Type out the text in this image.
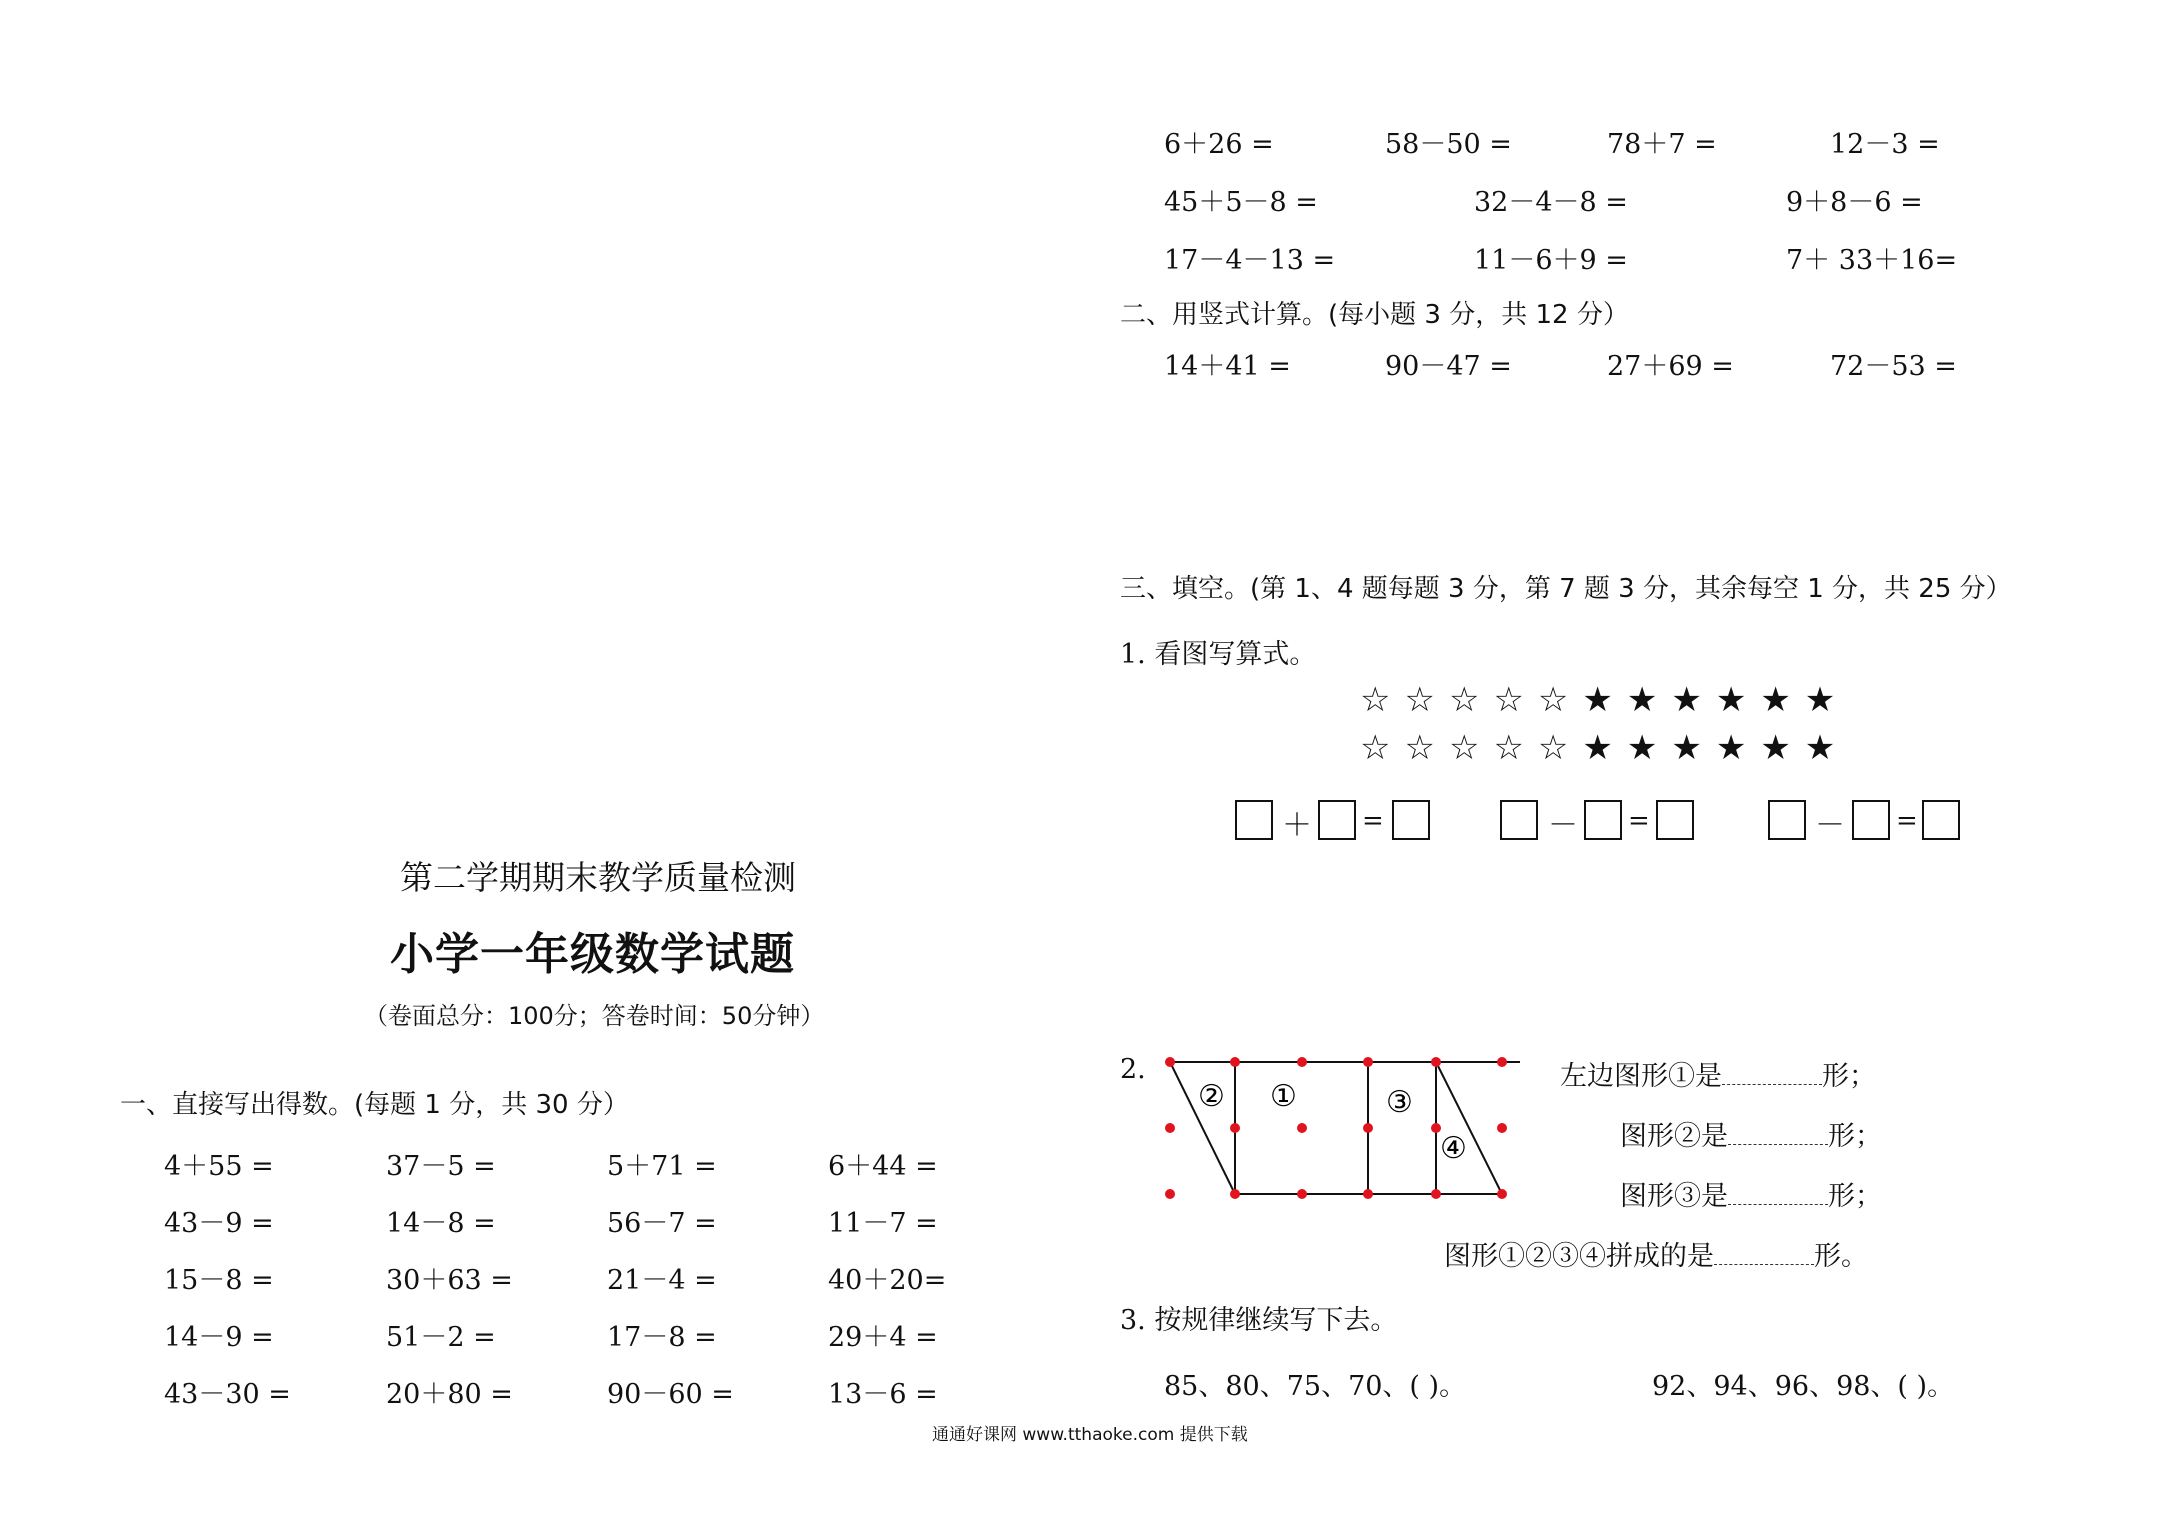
6＋26 =	58－50 =	78＋7 =	12－3 =
45＋5－8 =	32－4－8 =	9＋8－6 =
17－4－13 =	11－6＋9 =	7＋ 33＋16=
二、用竖式计算。(每小题 3 分，共 12 分）
14＋41 =	90－47 =	27＋69 =	72－53 =
三、填空。(第 1、4 题每题 3 分，第 7 题 3 分，其余每空 1 分，共 25 分）
1. 看图写算式。
☆☆☆☆☆★★★★★★
☆☆☆☆☆★★★★★★
＋ =	－ =	－ =
2.
② ①	③
④
左边图形①是	形；
图形②是	形；
图形③是	形；
图形①②③④拼成的是	形。
3. 按规律继续写下去。
85、80、75、70、( )。	92、94、96、98、( )。
第二学期期末教学质量检测
小学一年级数学试题
（卷面总分：100分；答卷时间：50分钟）
一、直接写出得数。(每题 1 分，共 30 分）
4＋55 =	37－5 =	5＋71 =	6＋44 =
43－9 =	14－8 =	56－7 =	11－7 =
15－8 =	30＋63 =	21－4 =	40＋20=
14－9 =	51－2 =	17－8 =	29＋4 =
43－30 =	20＋80 =	90－60 =	13－6 =
通通好课网 www.tthaoke.com 提供下载
